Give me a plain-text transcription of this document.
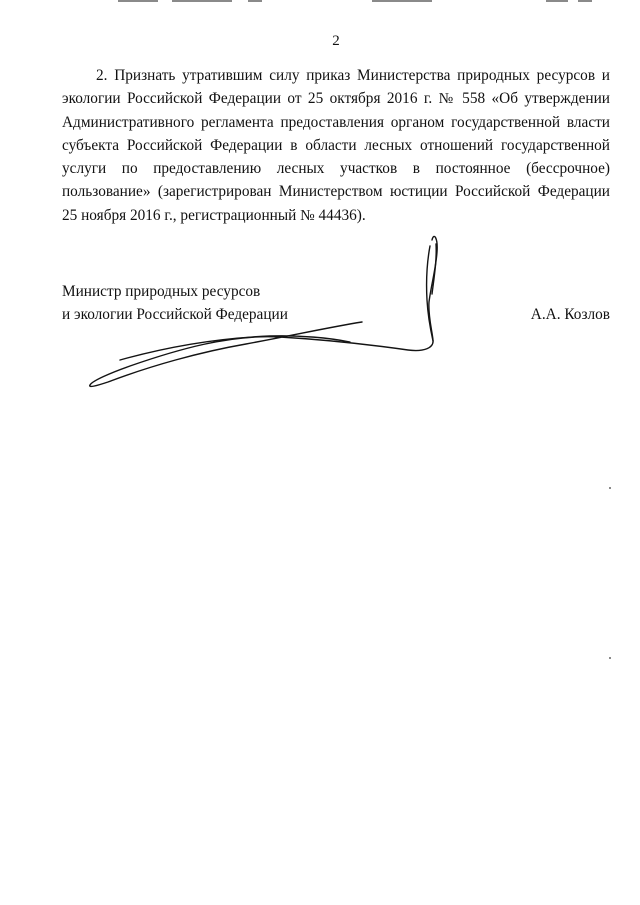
2

2. Признать утратившим силу приказ Министерства природных ресурсов и экологии Российской Федерации от 25 октября 2016 г. № 558 «Об утверждении Административного регламента предоставления органом государственной власти субъекта Российской Федерации в области лесных отношений государственной услуги по предоставлению лесных участков в постоянное (бессрочное) пользование» (зарегистрирован Министерством юстиции Российской Федерации 25 ноября 2016 г., регистрационный № 44436).

Министр природных ресурсов
и экологии Российской Федерации	А.А. Козлов
